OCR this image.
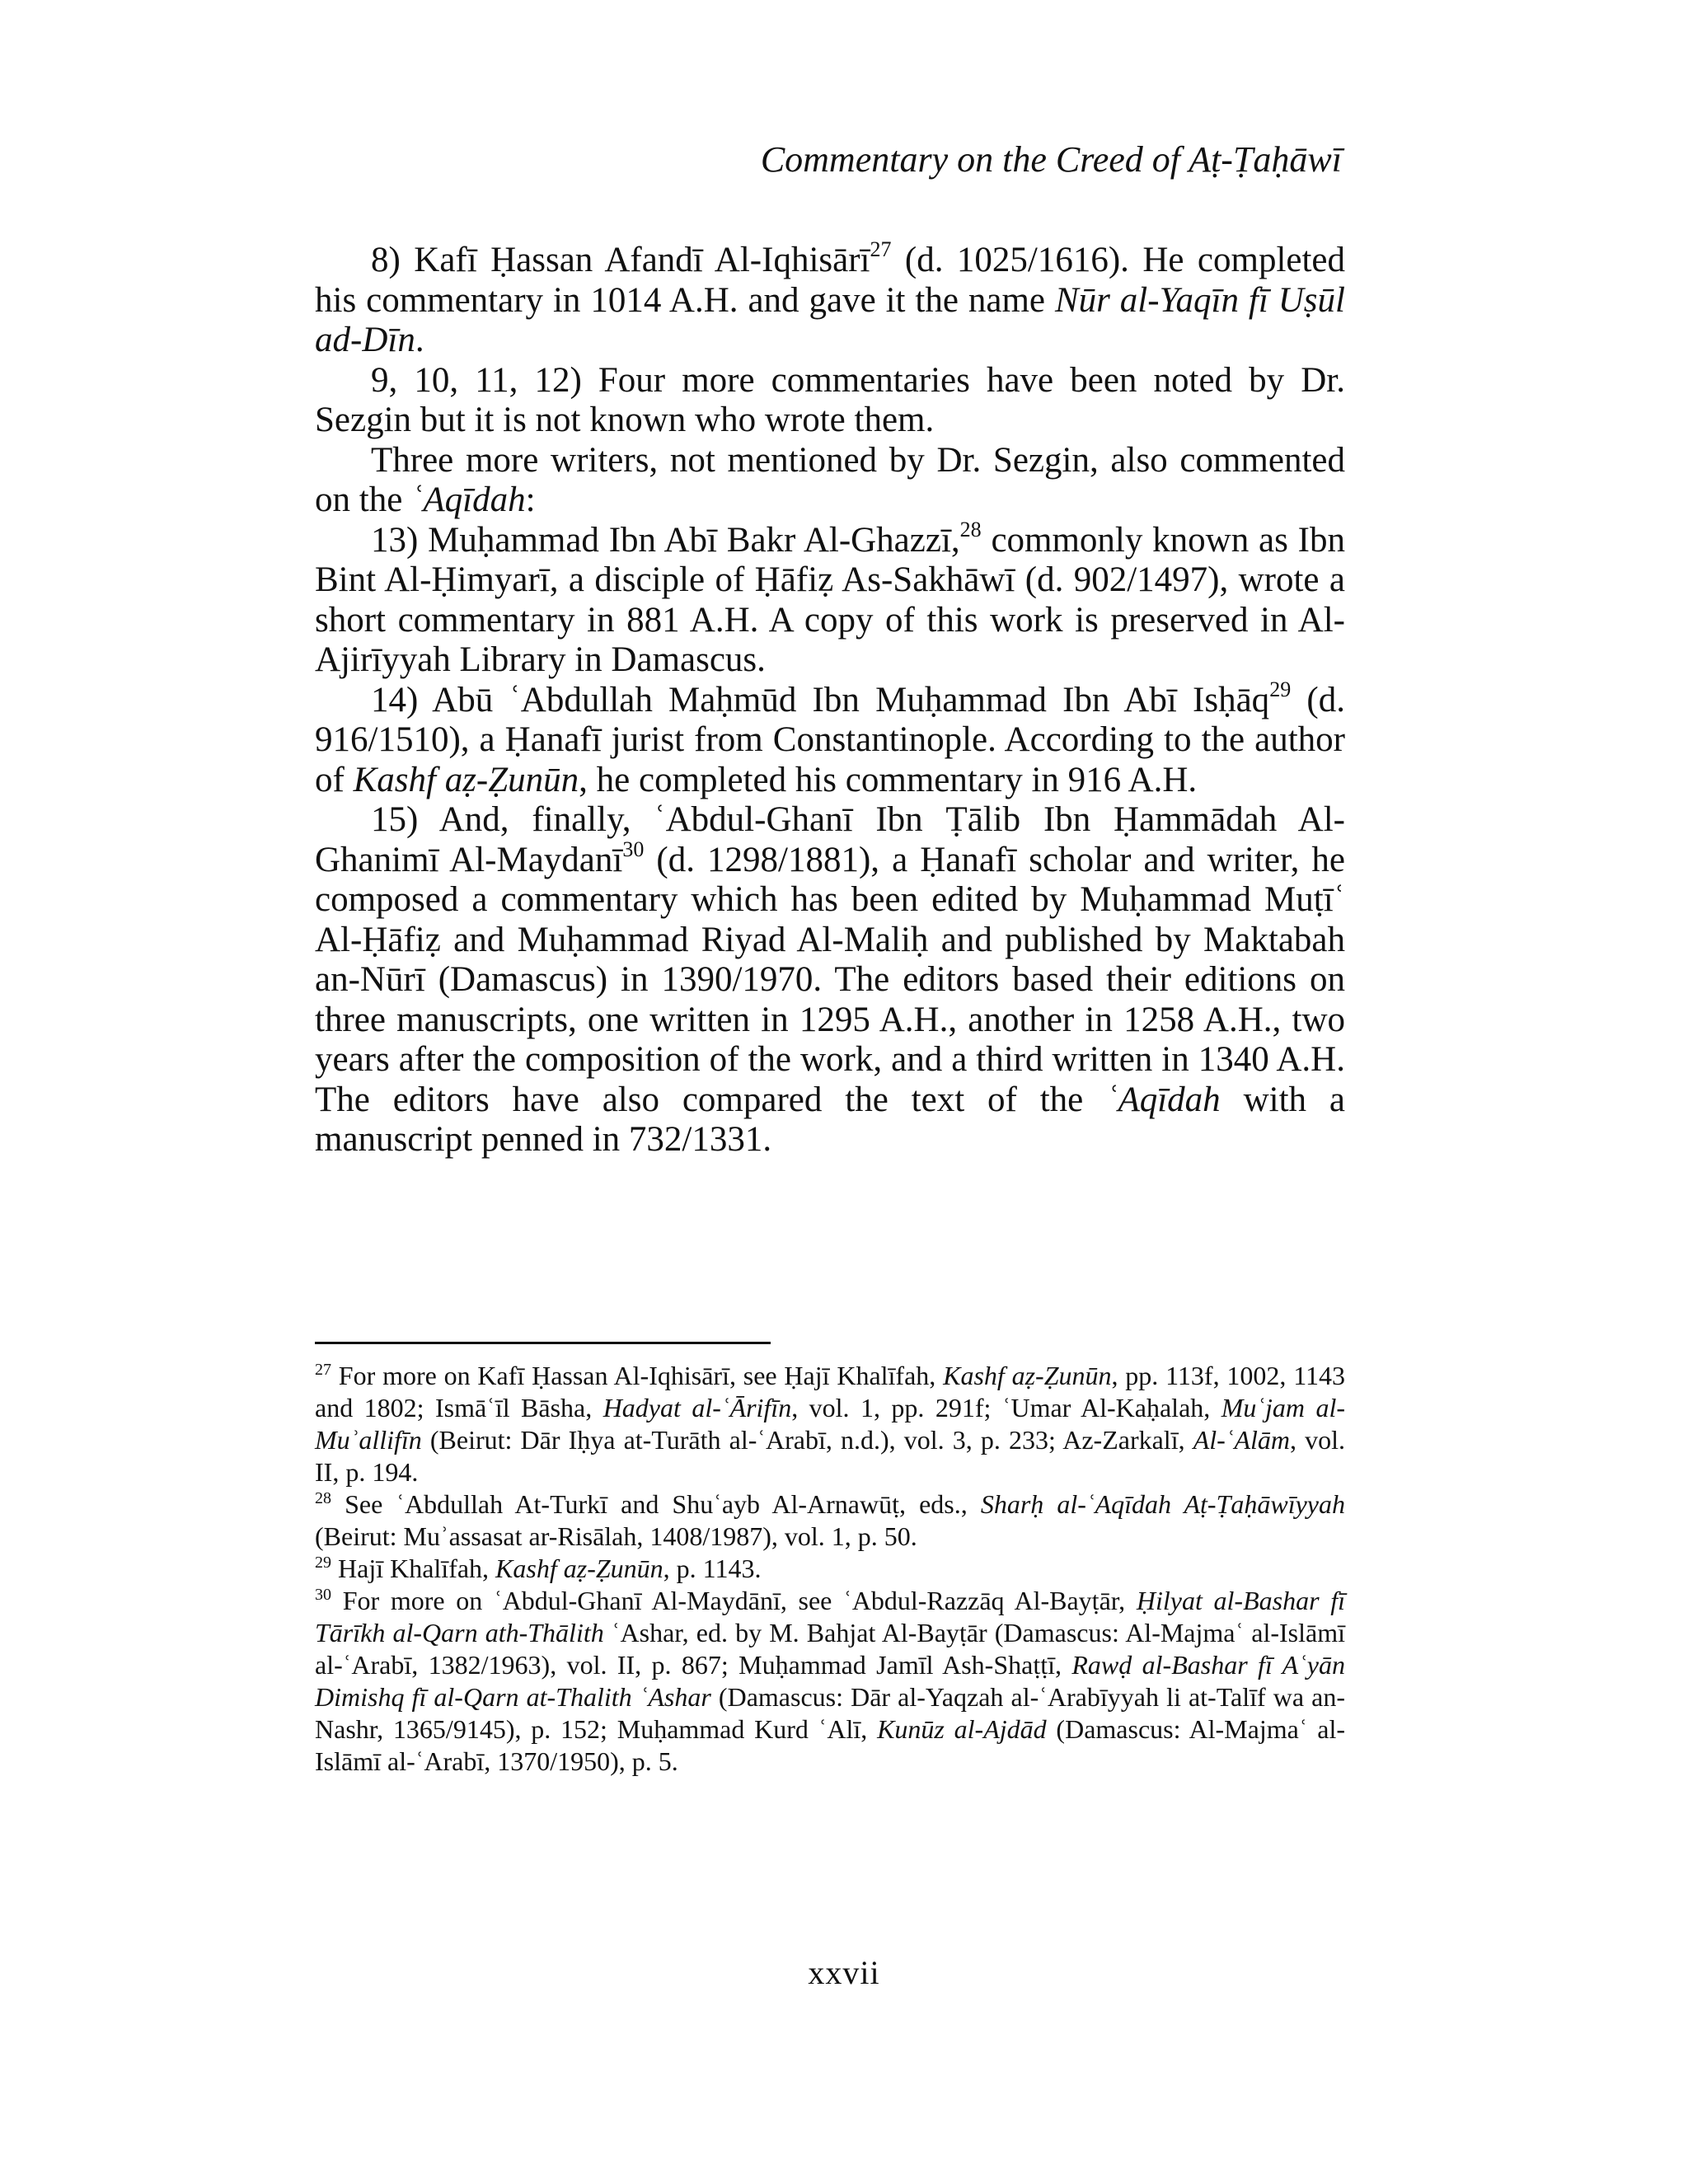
Commentary on the Creed of Aṭ-Ṭaḥāwī

8) Kafī Ḥassan Afandī Al-Iqhisārī$^{27}$ (d. 1025/1616). He completed his commentary in 1014 A.H. and gave it the name Nūr al-Yaqīn fī Uṣūl ad-Dīn.

9, 10, 11, 12) Four more commentaries have been noted by Dr. Sezgin but it is not known who wrote them.

Three more writers, not mentioned by Dr. Sezgin, also commented on the ʿAqīdah:

13) Muḥammad Ibn Abī Bakr Al-Ghazzī,$^{28}$ commonly known as Ibn Bint Al-Ḥimyarī, a disciple of Ḥāfiẓ As-Sakhāwī (d. 902/1497), wrote a short commentary in 881 A.H. A copy of this work is preserved in Al-Ajirīyyah Library in Damascus.

14) Abū ʿAbdullah Maḥmūd Ibn Muḥammad Ibn Abī Isḥāq$^{29}$ (d. 916/1510), a Ḥanafī jurist from Constantinople. According to the author of Kashf aẓ-Ẓunūn, he completed his commentary in 916 A.H.

15) And, finally, ʿAbdul-Ghanī Ibn Ṭālib Ibn Ḥammādah Al-Ghanimī Al-Maydanī$^{30}$ (d. 1298/1881), a Ḥanafī scholar and writer, he composed a commentary which has been edited by Muḥammad Muṭīʿ Al-Ḥāfiẓ and Muḥammad Riyad Al-Maliḥ and published by Maktabah an-Nūrī (Damascus) in 1390/1970. The editors based their editions on three manuscripts, one written in 1295 A.H., another in 1258 A.H., two years after the composition of the work, and a third written in 1340 A.H. The editors have also compared the text of the ʿAqīdah with a manuscript penned in 732/1331.

$^{27}$ For more on Kafī Ḥassan Al-Iqhisārī, see Ḥajī Khalīfah, Kashf aẓ-Ẓunūn, pp. 113f, 1002, 1143 and 1802; Ismāʿīl Bāsha, Hadyat al-ʿĀrifīn, vol. 1, pp. 291f; ʿUmar Al-Kaḥalah, Muʿjam al-Muʾallifīn (Beirut: Dār Iḥya at-Turāth al-ʿArabī, n.d.), vol. 3, p. 233; Az-Zarkalī, Al-ʿAlām, vol. II, p. 194.

$^{28}$ See ʿAbdullah At-Turkī and Shuʿayb Al-Arnawūṭ, eds., Sharḥ al-ʿAqīdah Aṭ-Ṭaḥāwīyyah (Beirut: Muʾassasat ar-Risālah, 1408/1987), vol. 1, p. 50.

$^{29}$ Hajī Khalīfah, Kashf aẓ-Ẓunūn, p. 1143.

$^{30}$ For more on ʿAbdul-Ghanī Al-Maydānī, see ʿAbdul-Razzāq Al-Bayṭār, Ḥilyat al-Bashar fī Tārīkh al-Qarn ath-Thālith ʿAshar, ed. by M. Bahjat Al-Bayṭār (Damascus: Al-Majmaʿ al-Islāmī al-ʿArabī, 1382/1963), vol. II, p. 867; Muḥammad Jamīl Ash-Shaṭṭī, Rawḍ al-Bashar fī Aʿyān Dimishq fī al-Qarn at-Thalith ʿAshar (Damascus: Dār al-Yaqzah al-ʿArabīyyah li at-Talīf wa an-Nashr, 1365/9145), p. 152; Muḥammad Kurd ʿAlī, Kunūz al-Ajdād (Damascus: Al-Majmaʿ al-Islāmī al-ʿArabī, 1370/1950), p. 5.

xxvii
